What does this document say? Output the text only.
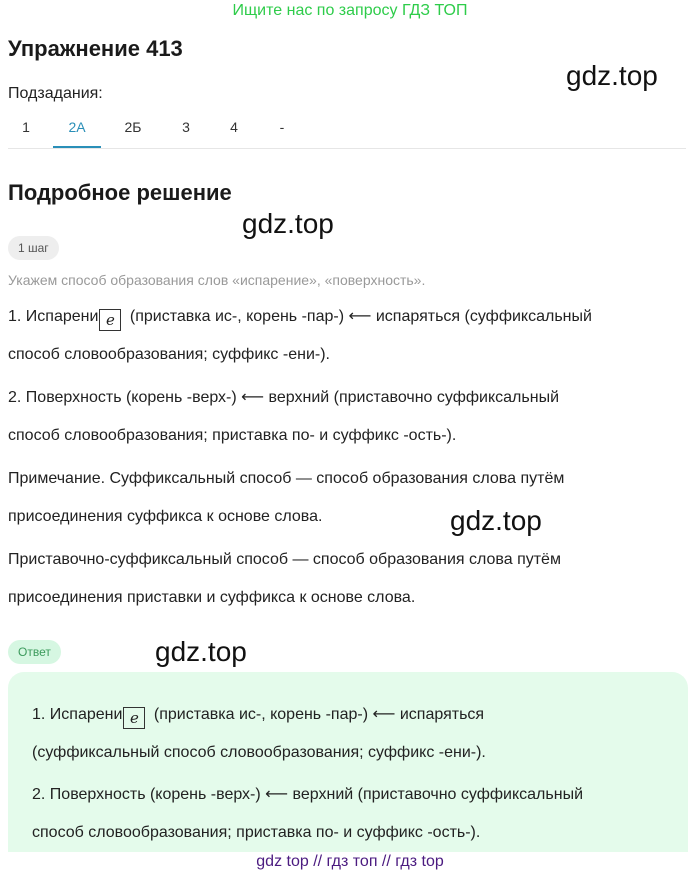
Ищите нас по запросу ГДЗ ТОП
Упражнение 413
gdz.top
Подзадания:
1	2А	2Б	3	4	-
Подробное решение
gdz.top
1 шаг
Укажем способ образования слов «испарение», «поверхность».

1. Испарени е (приставка ис-, корень -пар-) ⟵ испаряться (суффиксальный
способ словообразования; суффикс -ени-).

2. Поверхность (корень -верх-) ⟵ верхний (приставочно суффиксальный
способ словообразования; приставка по- и суффикс -ость-).

Примечание. Суффиксальный способ — способ образования слова путём
присоединения суффикса к основе слова.	gdz.top

Приставочно-суффиксальный способ — способ образования слова путём
присоединения приставки и суффикса к основе слова.

Ответ	gdz.top

1. Испарени е (приставка ис-, корень -пар-) ⟵ испаряться
(суффиксальный способ словообразования; суффикс -ени-).

2. Поверхность (корень -верх-) ⟵ верхний (приставочно суффиксальный
способ словообразования; приставка по- и суффикс -ость-).

gdz top // гдз топ // гдз top
